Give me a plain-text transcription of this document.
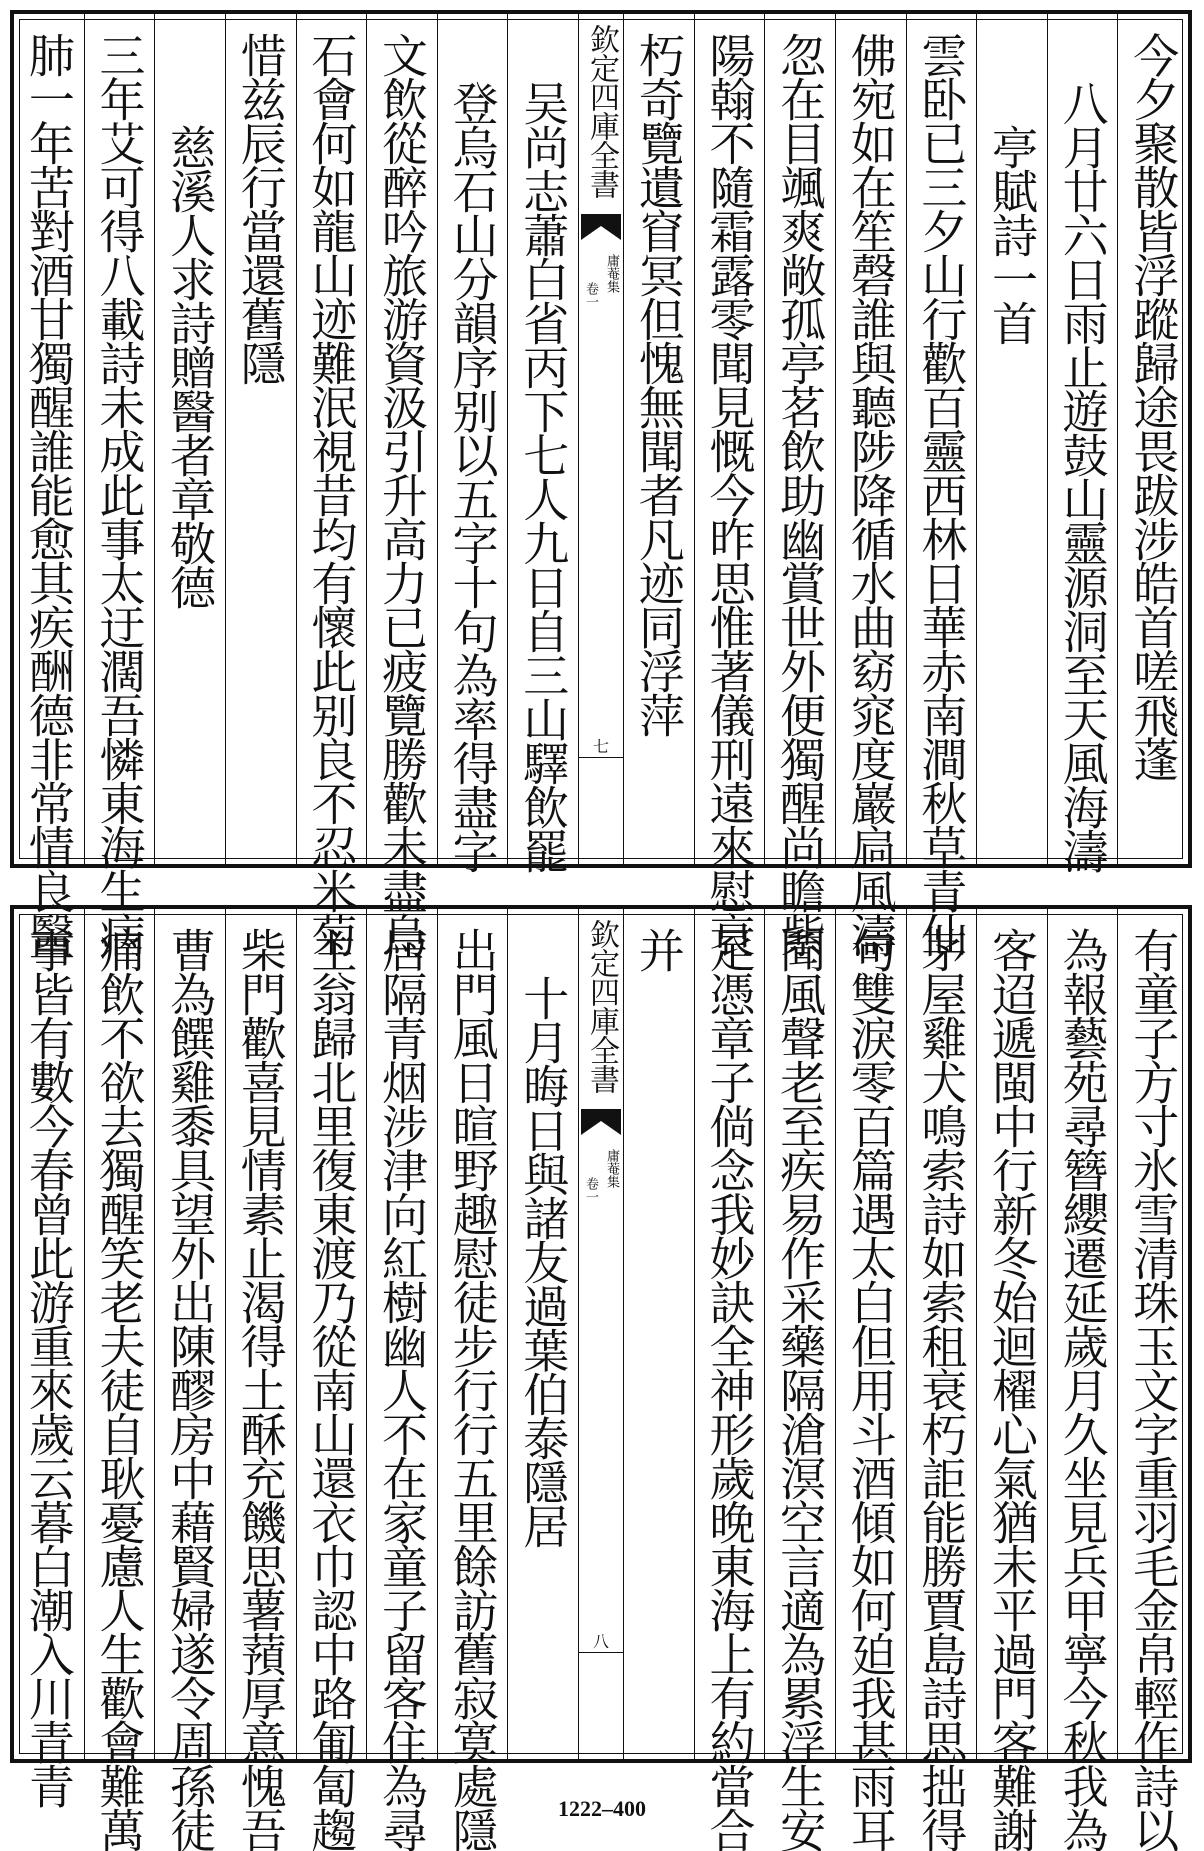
今夕聚散皆浮蹤歸途畏跋涉皓首嗟飛蓬
八月廿六日雨止遊鼓山靈源洞至天風海濤
亭賦詩一首
雲卧已三夕山行歡百靈西林日華赤南澗秋草青仙
佛宛如在笙磬誰與聽陟降循水曲窈窕度巖扃風濤
忽在目颯爽敞孤亭茗飲助幽賞世外便獨醒尚瞻紫
陽翰不隨霜露零聞見慨今昨思惟著儀刑遠來慰衰
朽奇覽遺窅冥但愧無聞者凡迹同浮萍
欽定四庫全書
庸菴集
卷一
七
吴尚志蕭白省丙下七人九日自三山驛飲罷
登烏石山分韻序别以五字十句為率得盡字
文飲從醉吟旅游資汲引升高力已疲覽勝歡未盡烏
石會何如龍山迹難泯視昔均有懷此别良不忍米菊
惜兹辰行當還舊隱
慈溪人求詩贈醫者章敬德
三年艾可得八載詩未成此事太迂濶吾憐東海生病
肺一年苦對酒甘獨醒誰能愈其疾酬德非常情良醫
有童子方寸氷雪清珠玉文字重羽毛金帛輕作詩以
為報藝苑尋簪纓遷延歲月久坐見兵甲寧今秋我為
客迢遞閩中行新冬始迴櫂心氣猶未平過門客難謝
茅屋雞犬鳴索詩如索租衰朽詎能勝賈島詩思拙得
句雙淚零百篇遇太白但用斗酒傾如何廹我甚雨耳
聞風聲老至疾易作采藥隔滄溟空言適為累浮生安
足憑章子倘念我妙訣全神形歲晚東海上有約當合
并
欽定四庫全書
庸菴集
卷一
八
十月晦日與諸友過葉伯泰隱居
出門風日暄野趣慰徒步行行五里餘訪舊寂寞處隱
居隔青烟涉津向紅樹幽人不在家童子留客住為尋
主翁歸北里復東渡乃從南山還衣巾認中路匍匐趨
柴門歡喜見情素止渴得土酥充饑思薯蕷厚意愧吾
曹為饌雞黍具望外出陳醪房中藉賢婦遂令周孫徒
痛飲不欲去獨醒笑老夫徒自耿憂慮人生歡會難萬
事皆有數今春曾此游重來歲云暮白潮入川青青
1222–400
